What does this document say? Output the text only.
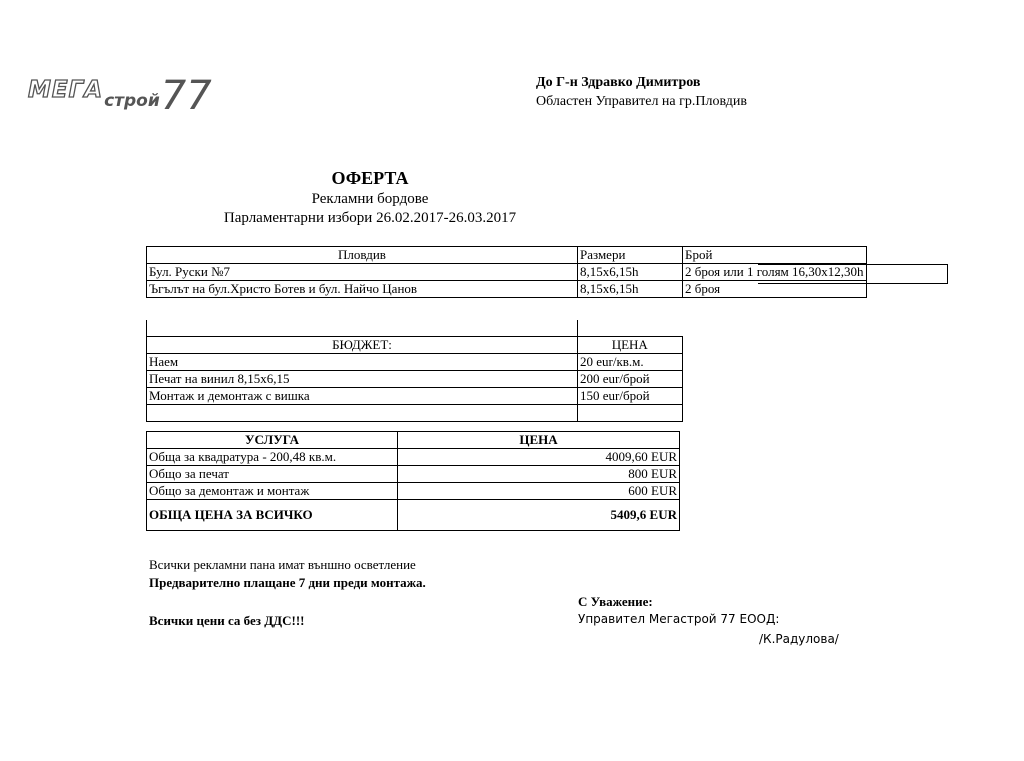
МЕГА строй 77	До Г-н Здравко Димитров
Областен Управител на гр.Пловдив
ОФЕРТА
Рекламни бордове
Парламентарни избори 26.02.2017-26.03.2017
Пловдив	Размери	Брой
Бул. Руски №7	8,15x6,15h	2 броя или 1 голям 16,30x12,30h
Ъгълът на бул.Христо Ботев и бул. Найчо Цанов	8,15x6,15h	2 броя

БЮДЖЕТ:	ЦЕНА
Наем	20 eur/кв.м.
Печат на винил 8,15x6,15	200 eur/брой
Монтаж и демонтаж с вишка	150 eur/брой

УСЛУГА	ЦЕНА
Обща за квадратура - 200,48 кв.м.	4009,60 EUR
Общо за печат	800 EUR
Общо за демонтаж и монтаж	600 EUR
ОБЩА ЦЕНА ЗА ВСИЧКО	5409,6 EUR
Всички рекламни пана имат външно осветление
Предварително плащане 7 дни преди монтажа.
Всички цени са без ДДС!!!
С Уважение:
Управител Мегастрой 77 ЕООД:
/К.Радулова/
